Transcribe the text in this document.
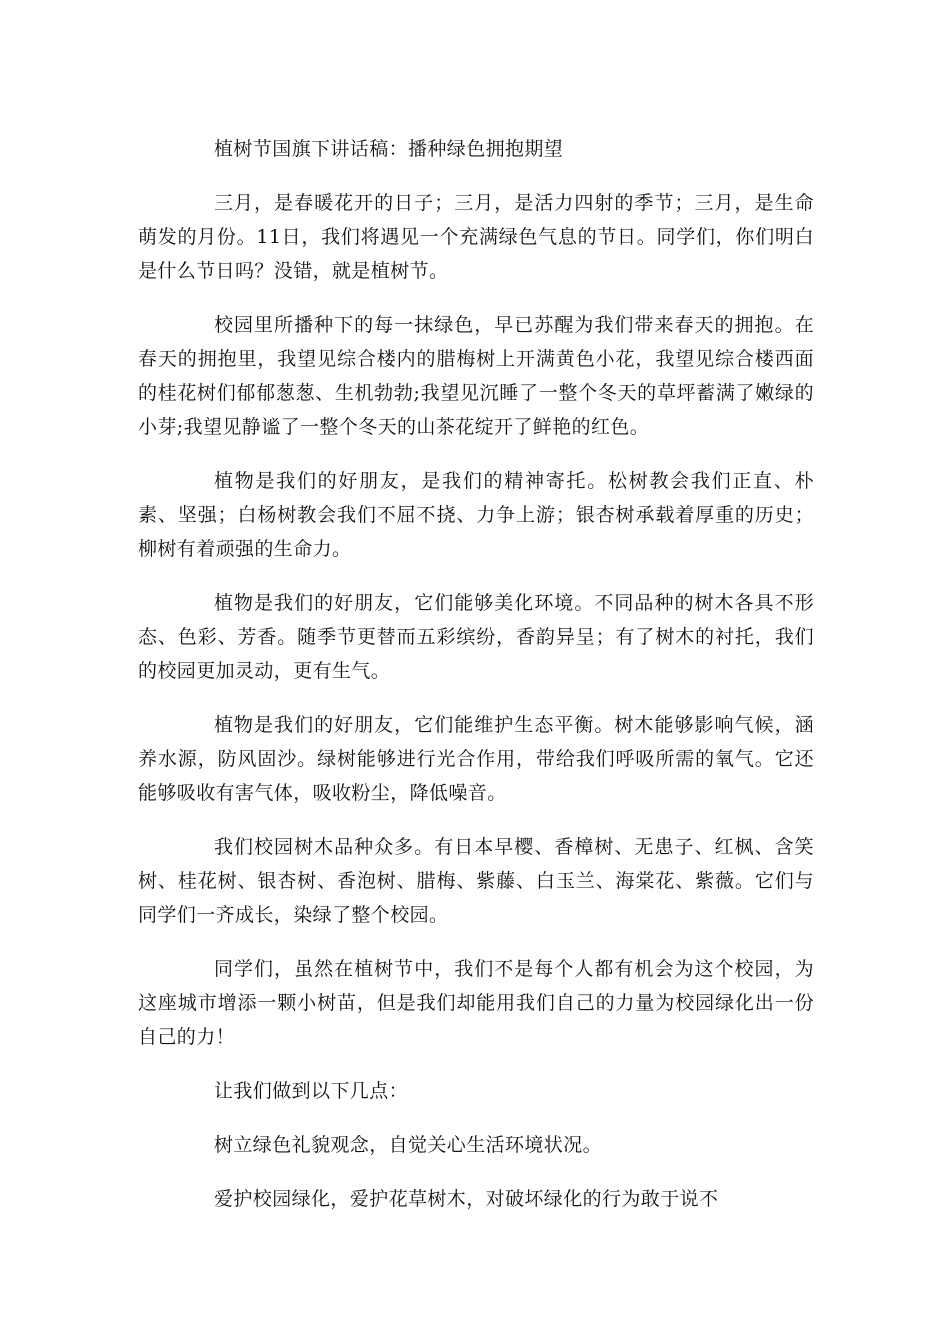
植树节国旗下讲话稿：播种绿色拥抱期望

三月，是春暖花开的日子；三月，是活力四射的季节；三月，是生命萌发的月份。11日，我们将遇见一个充满绿色气息的节日。同学们，你们明白是什么节日吗？没错，就是植树节。

校园里所播种下的每一抹绿色，早已苏醒为我们带来春天的拥抱。在春天的拥抱里，我望见综合楼内的腊梅树上开满黄色小花，我望见综合楼西面的桂花树们郁郁葱葱、生机勃勃;我望见沉睡了一整个冬天的草坪蓄满了嫩绿的小芽;我望见静谧了一整个冬天的山茶花绽开了鲜艳的红色。

植物是我们的好朋友，是我们的精神寄托。松树教会我们正直、朴素、坚强；白杨树教会我们不屈不挠、力争上游；银杏树承载着厚重的历史；柳树有着顽强的生命力。

植物是我们的好朋友，它们能够美化环境。不同品种的树木各具不形态、色彩、芳香。随季节更替而五彩缤纷，香韵异呈；有了树木的衬托，我们的校园更加灵动，更有生气。

植物是我们的好朋友，它们能维护生态平衡。树木能够影响气候，涵养水源，防风固沙。绿树能够进行光合作用，带给我们呼吸所需的氧气。它还能够吸收有害气体，吸收粉尘，降低噪音。

我们校园树木品种众多。有日本早樱、香樟树、无患子、红枫、含笑树、桂花树、银杏树、香泡树、腊梅、紫藤、白玉兰、海棠花、紫薇。它们与同学们一齐成长，染绿了整个校园。

同学们，虽然在植树节中，我们不是每个人都有机会为这个校园，为这座城市增添一颗小树苗，但是我们却能用我们自己的力量为校园绿化出一份自己的力！

让我们做到以下几点：

树立绿色礼貌观念，自觉关心生活环境状况。

爱护校园绿化，爱护花草树木，对破坏绿化的行为敢于说不
